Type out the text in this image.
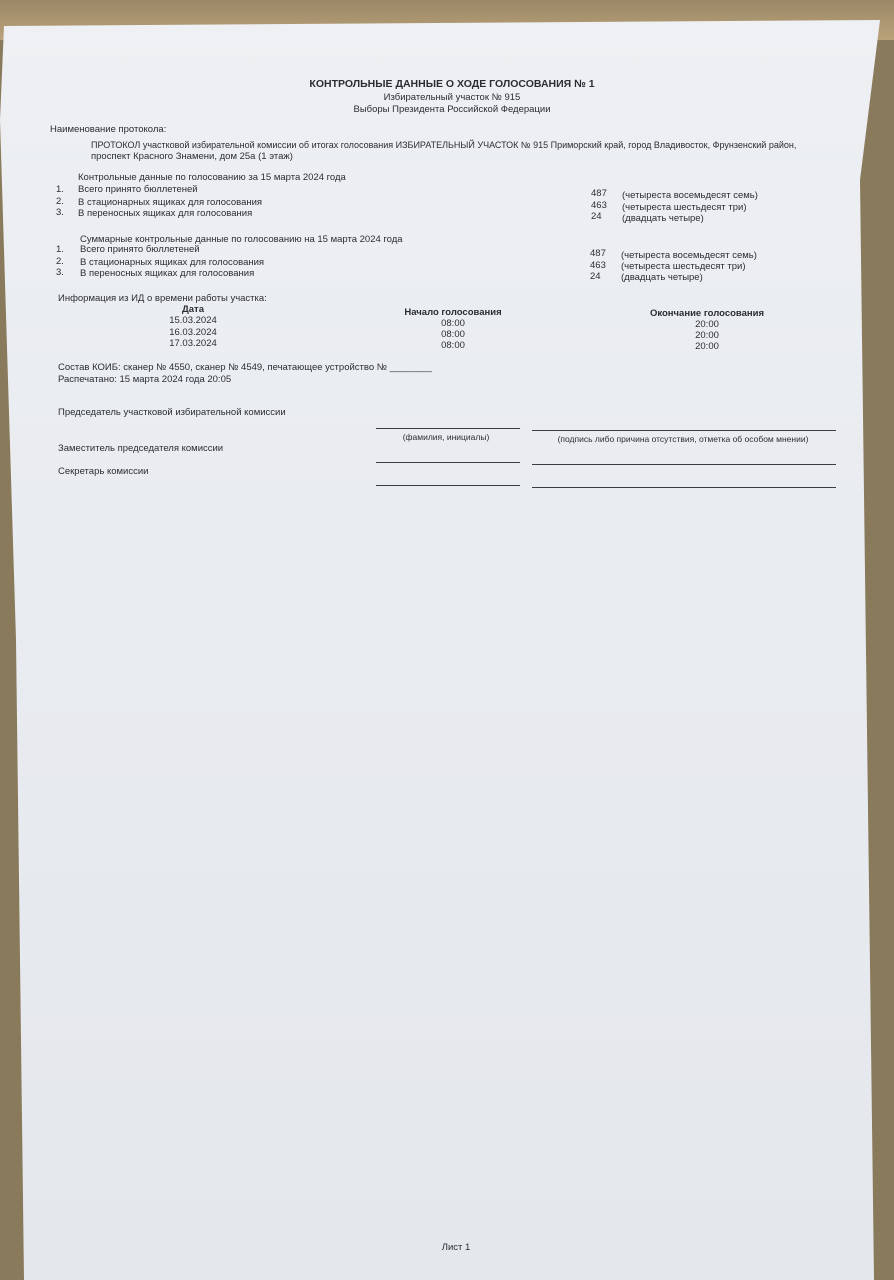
КОНТРОЛЬНЫЕ ДАННЫЕ О ХОДЕ ГОЛОСОВАНИЯ № 1
Избирательный участок № 915
Выборы Президента Российской Федерации
Наименование протокола:
ПРОТОКОЛ участковой избирательной комиссии об итогах голосования ИЗБИРАТЕЛЬНЫЙ УЧАСТОК № 915 Приморский край, город Владивосток, Фрунзенский район,
проспект Красного Знамени, дом 25а (1 этаж)
Контрольные данные по голосованию за 15 марта 2024 года
1. Всего принято бюллетеней	487 (четыреста восемьдесят семь)
2. В стационарных ящиках для голосования	463 (четыреста шестьдесят три)
3. В переносных ящиках для голосования	24 (двадцать четыре)
Суммарные контрольные данные по голосованию на 15 марта 2024 года
1. Всего принято бюллетеней	487 (четыреста восемьдесят семь)
2. В стационарных ящиках для голосования	463 (четыреста шестьдесят три)
3. В переносных ящиках для голосования	24 (двадцать четыре)
Информация из ИД о времени работы участка:
Дата	Начало голосования	Окончание голосования
15.03.2024	08:00	20:00
16.03.2024	08:00	20:00
17.03.2024	08:00	20:00
Состав КОИБ: сканер № 4550, сканер № 4549, печатающее устройство № ________
Распечатано: 15 марта 2024 года 20:05
Председатель участковой избирательной комиссии
(фамилия, инициалы)	(подпись либо причина отсутствия, отметка об особом мнении)
Заместитель председателя комиссии
Секретарь комиссии
Лист 1
